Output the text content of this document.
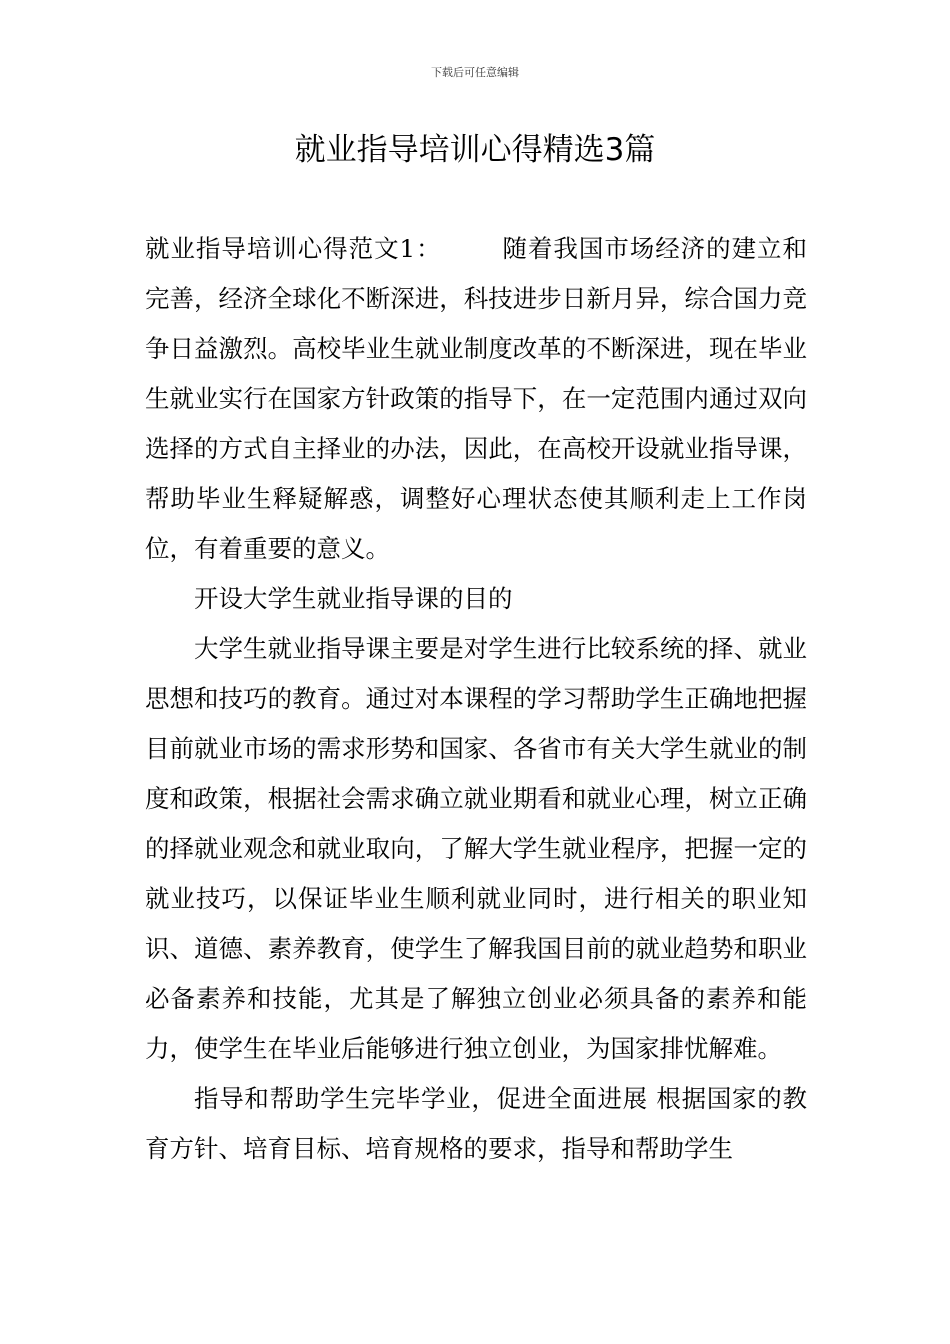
下载后可任意编辑
就业指导培训心得精选3篇

就业指导培训心得范文1： 随着我国市场经济的建立和完善，经济全球化不断深进，科技进步日新月异，综合国力竞争日益激烈。高校毕业生就业制度改革的不断深进，现在毕业生就业实行在国家方针政策的指导下，在一定范围内通过双向选择的方式自主择业的办法，因此，在高校开设就业指导课，帮助毕业生释疑解惑，调整好心理状态使其顺利走上工作岗位，有着重要的意义。

开设大学生就业指导课的目的

大学生就业指导课主要是对学生进行比较系统的择、就业思想和技巧的教育。通过对本课程的学习帮助学生正确地把握目前就业市场的需求形势和国家、各省市有关大学生就业的制度和政策，根据社会需求确立就业期看和就业心理，树立正确的择就业观念和就业取向，了解大学生就业程序，把握一定的就业技巧，以保证毕业生顺利就业同时，进行相关的职业知识、道德、素养教育，使学生了解我国目前的就业趋势和职业必备素养和技能，尤其是了解独立创业必须具备的素养和能力，使学生在毕业后能够进行独立创业，为国家排忧解难。

指导和帮助学生完毕学业，促进全面进展 根据国家的教育方针、培育目标、培育规格的要求，指导和帮助学生
